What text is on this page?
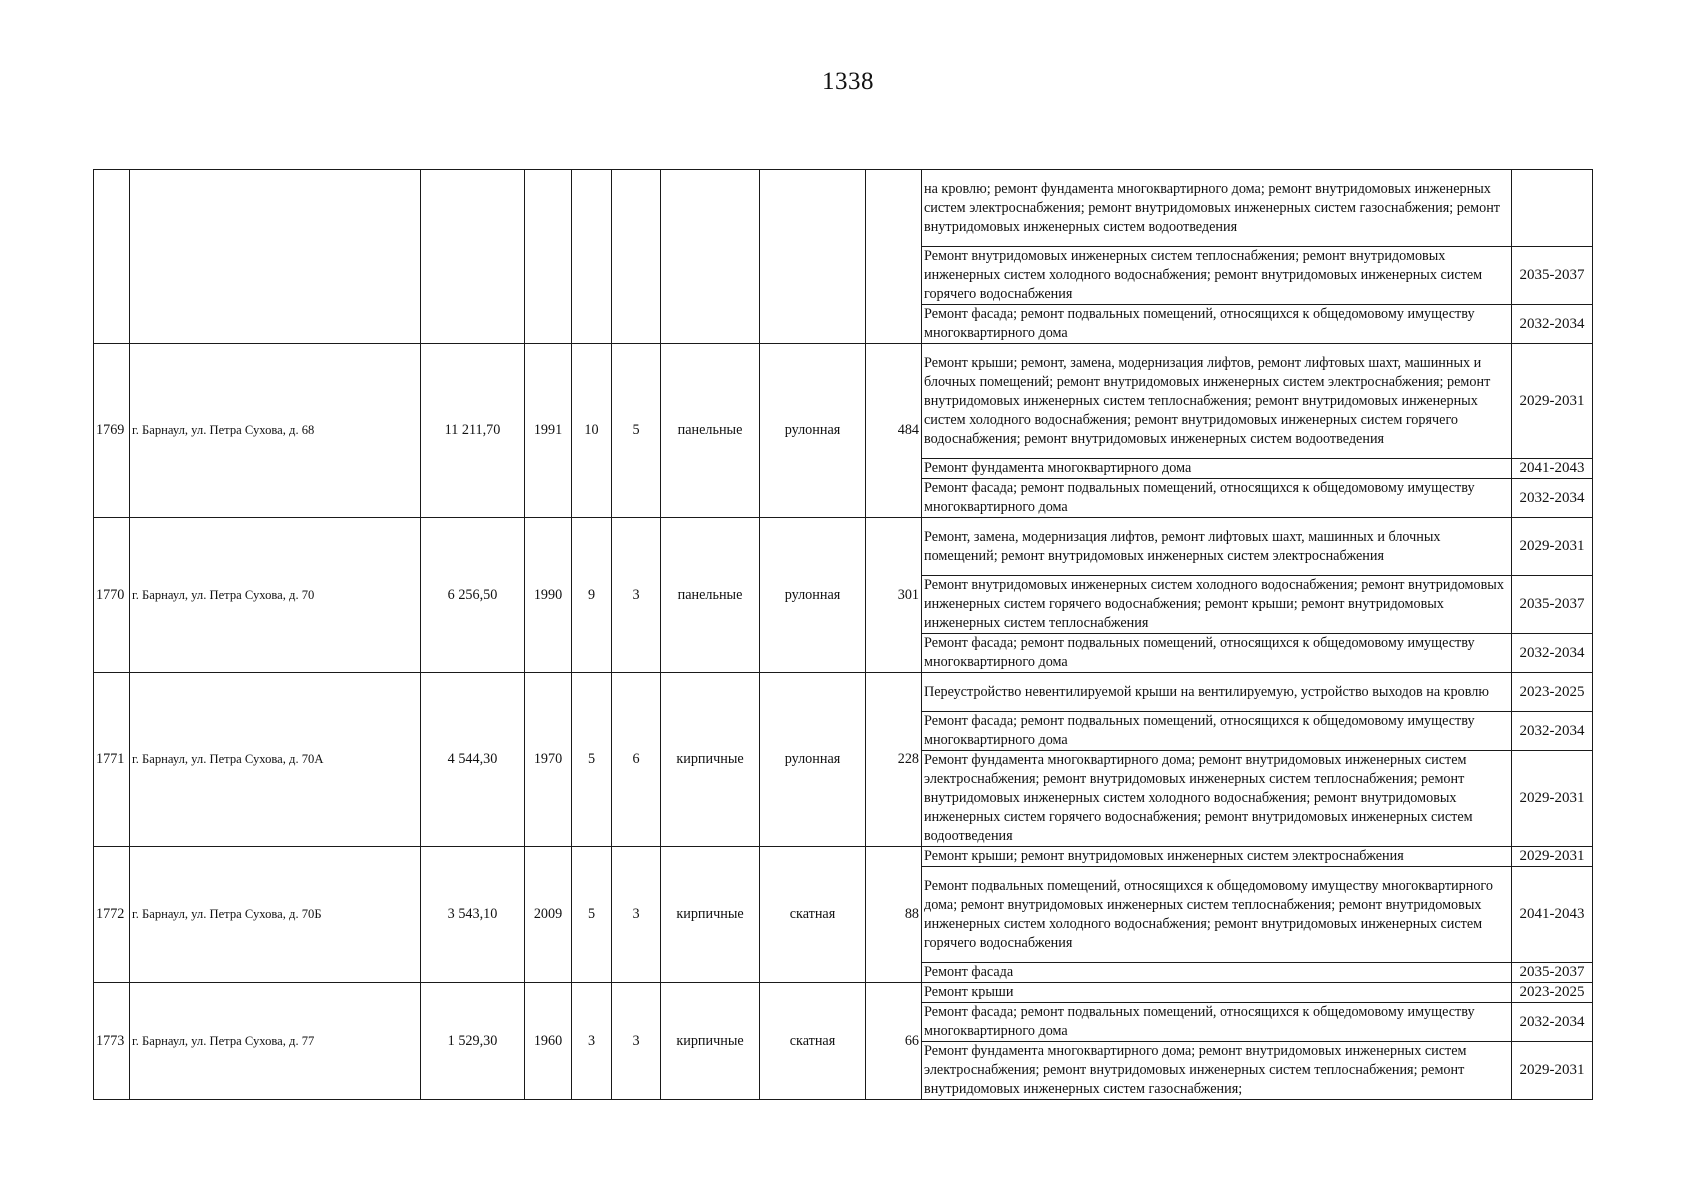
1338
									на кровлю; ремонт фундамента многоквартирного дома; ремонт внутридомовых инженерных систем электроснабжения; ремонт внутридомовых инженерных систем газоснабжения; ремонт внутридомовых инженерных систем водоотведения	
									Ремонт внутридомовых инженерных систем теплоснабжения; ремонт внутридомовых инженерных систем холодного водоснабжения; ремонт внутридомовых инженерных систем горячего водоснабжения	2035-2037
									Ремонт фасада; ремонт подвальных помещений, относящихся к общедомовому имуществу многоквартирного дома	2032-2034
1769	г. Барнаул, ул. Петра Сухова, д. 68	11 211,70	1991	10	5	панельные	рулонная	484	Ремонт крыши; ремонт, замена, модернизация лифтов, ремонт лифтовых шахт, машинных и блочных помещений; ремонт внутридомовых инженерных систем электроснабжения; ремонт внутридомовых инженерных систем теплоснабжения; ремонт внутридомовых инженерных систем холодного водоснабжения; ремонт внутридомовых инженерных систем горячего водоснабжения; ремонт внутридомовых инженерных систем водоотведения	2029-2031
									Ремонт фундамента многоквартирного дома	2041-2043
									Ремонт фасада; ремонт подвальных помещений, относящихся к общедомовому имуществу многоквартирного дома	2032-2034
1770	г. Барнаул, ул. Петра Сухова, д. 70	6 256,50	1990	9	3	панельные	рулонная	301	Ремонт, замена, модернизация лифтов, ремонт лифтовых шахт, машинных и блочных помещений; ремонт внутридомовых инженерных систем электроснабжения	2029-2031
									Ремонт внутридомовых инженерных систем холодного водоснабжения; ремонт внутридомовых инженерных систем горячего водоснабжения; ремонт крыши; ремонт внутридомовых инженерных систем теплоснабжения	2035-2037
									Ремонт фасада; ремонт подвальных помещений, относящихся к общедомовому имуществу многоквартирного дома	2032-2034
1771	г. Барнаул, ул. Петра Сухова, д. 70А	4 544,30	1970	5	6	кирпичные	рулонная	228	Переустройство невентилируемой крыши на вентилируемую, устройство выходов на кровлю	2023-2025
									Ремонт фасада; ремонт подвальных помещений, относящихся к общедомовому имуществу многоквартирного дома	2032-2034
									Ремонт фундамента многоквартирного дома; ремонт внутридомовых инженерных систем электроснабжения; ремонт внутридомовых инженерных систем теплоснабжения; ремонт внутридомовых инженерных систем холодного водоснабжения; ремонт внутридомовых инженерных систем горячего водоснабжения; ремонт внутридомовых инженерных систем водоотведения	2029-2031
1772	г. Барнаул, ул. Петра Сухова, д. 70Б	3 543,10	2009	5	3	кирпичные	скатная	88	Ремонт крыши; ремонт внутридомовых инженерных систем электроснабжения	2029-2031
									Ремонт подвальных помещений, относящихся к общедомовому имуществу многоквартирного дома; ремонт внутридомовых инженерных систем теплоснабжения; ремонт внутридомовых инженерных систем холодного водоснабжения; ремонт внутридомовых инженерных систем горячего водоснабжения	2041-2043
									Ремонт фасада	2035-2037
1773	г. Барнаул, ул. Петра Сухова, д. 77	1 529,30	1960	3	3	кирпичные	скатная	66	Ремонт крыши	2023-2025
									Ремонт фасада; ремонт подвальных помещений, относящихся к общедомовому имуществу многоквартирного дома	2032-2034
									Ремонт фундамента многоквартирного дома; ремонт внутридомовых инженерных систем электроснабжения; ремонт внутридомовых инженерных систем теплоснабжения; ремонт внутридомовых инженерных систем газоснабжения;	2029-2031
